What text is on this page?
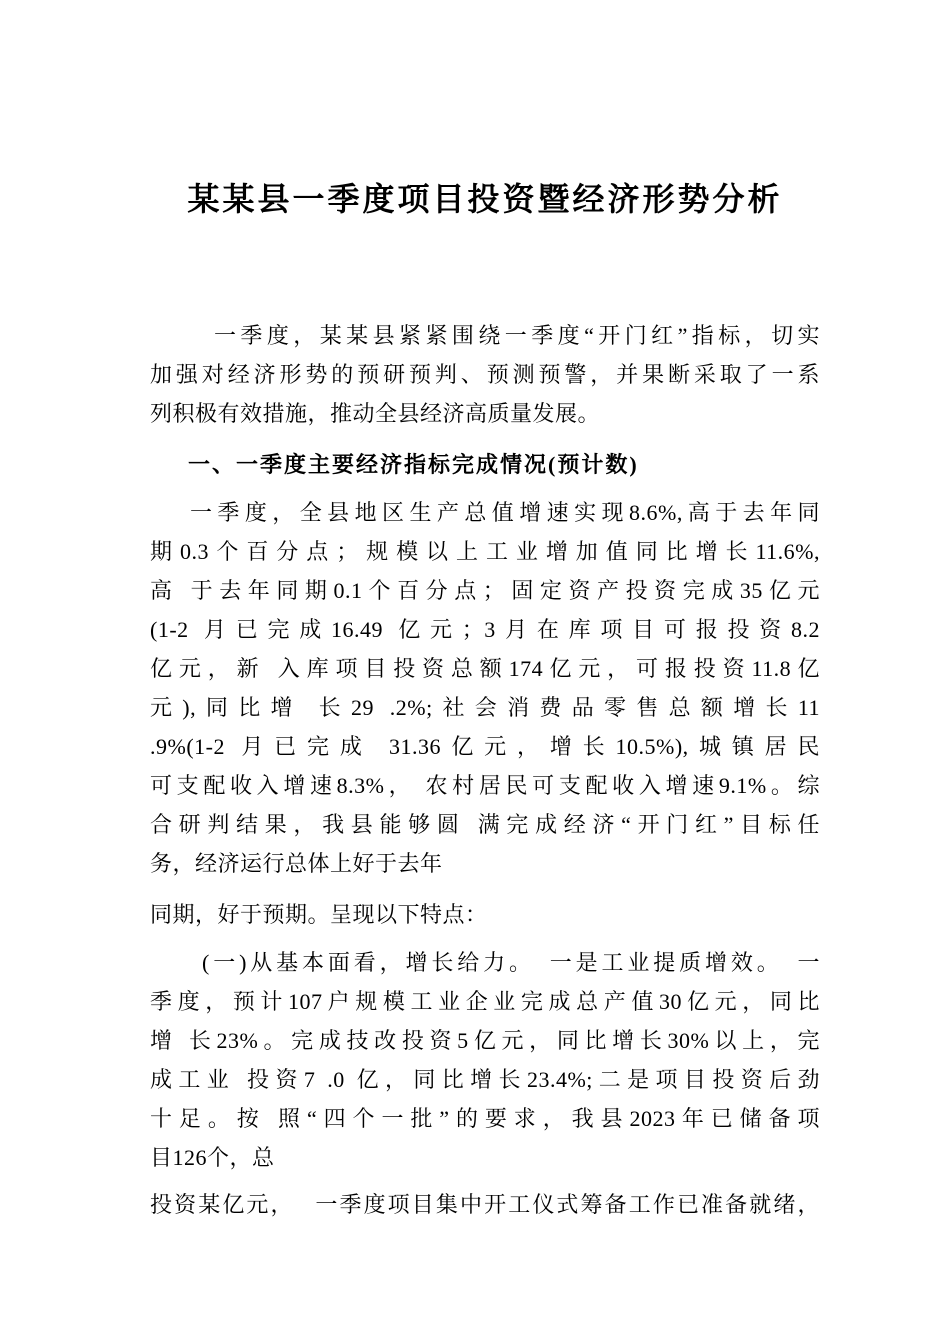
某某县一季度项目投资暨经济形势分析
一季度，某某县紧紧围绕一季度“开门红”指标，切实
加强对经济形势的预研预判、预测预警，并果断采取了一系
列积极有效措施，推动全县经济高质量发展。
一、一季度主要经济指标完成情况(预计数)
一季度，全县地区生产总值增速实现8.6%,高于去年同
期0.3个百分点；规模以上工业增加值同比增长11.6%,
高 于去年同期0.1个百分点；固定资产投资完成35亿元
(1-2 月已完成16.49 亿元；3月在库项目可报投资8.2
亿元，新 入库项目投资总额174亿元，可报投资11.8亿
元),同比增 长29 .2%;社会消费品零售总额增长11
.9%(1-2 月已完成 31.36亿元，增长10.5%),城镇居民
可支配收入增速8.3%， 农村居民可支配收入增速9.1%。综
合研判结果，我县能够圆 满完成经济“开门红”目标任
务，经济运行总体上好于去年
同期，好于预期。呈现以下特点：
(一)从基本面看，增长给力。　一是工业提质增效。　一
季度，预计107户规模工业企业完成总产值30亿元，同比
增 长23%。完成技改投资5亿元，同比增长30%以上，完
成工业 投资7 .0 亿，同比增长23.4%;二是项目投资后劲
十足。按 照“四个一批”的要求，我县2023年已储备项
目126个，总
投资某亿元，　 一季度项目集中开工仪式筹备工作已准备就绪，
